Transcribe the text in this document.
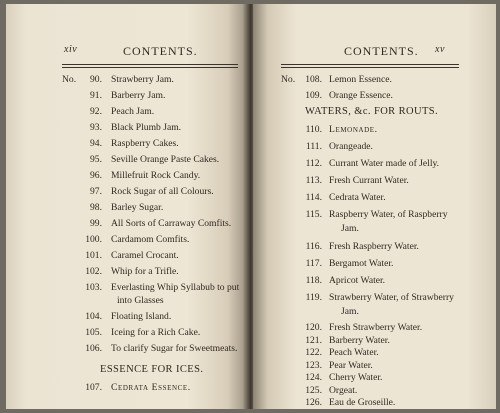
xiv	CONTENTS.
No.	90. Strawberry Jam.
91. Barberry Jam.
92. Peach Jam.
93. Black Plumb Jam.
94. Raspberry Cakes.
95. Seville Orange Paste Cakes.
96. Millefruit Rock Candy.
97. Rock Sugar of all Colours.
98. Barley Sugar.
99. All Sorts of Carraway Comfits.
100. Cardamom Comfits.
101. Caramel Crocant.
102. Whip for a Trifle.
103. Everlasting Whip Syllabub to put
into Glasses
104. Floating Island.
105. Iceing for a Rich Cake.
106. To clarify Sugar for Sweetmeats.
ESSENCE FOR ICES.
107. Cedrata Essence.
CONTENTS. xv
No.	108. Lemon Essence.
109. Orange Essence.
WATERS, &c. FOR ROUTS.
110. Lemonade.
111. Orangeade.
112. Currant Water made of Jelly.
113. Fresh Currant Water.
114. Cedrata Water.
115. Raspberry Water, of Raspberry
Jam.
116. Fresh Raspberry Water.
117. Bergamot Water.
118. Apricot Water.
119. Strawberry Water, of Strawberry
Jam.
120. Fresh Strawberry Water.
121. Barberry Water.
122. Peach Water.
123. Pear Water.
124. Cherry Water.
125. Orgeat.
126. Eau de Groseille.
